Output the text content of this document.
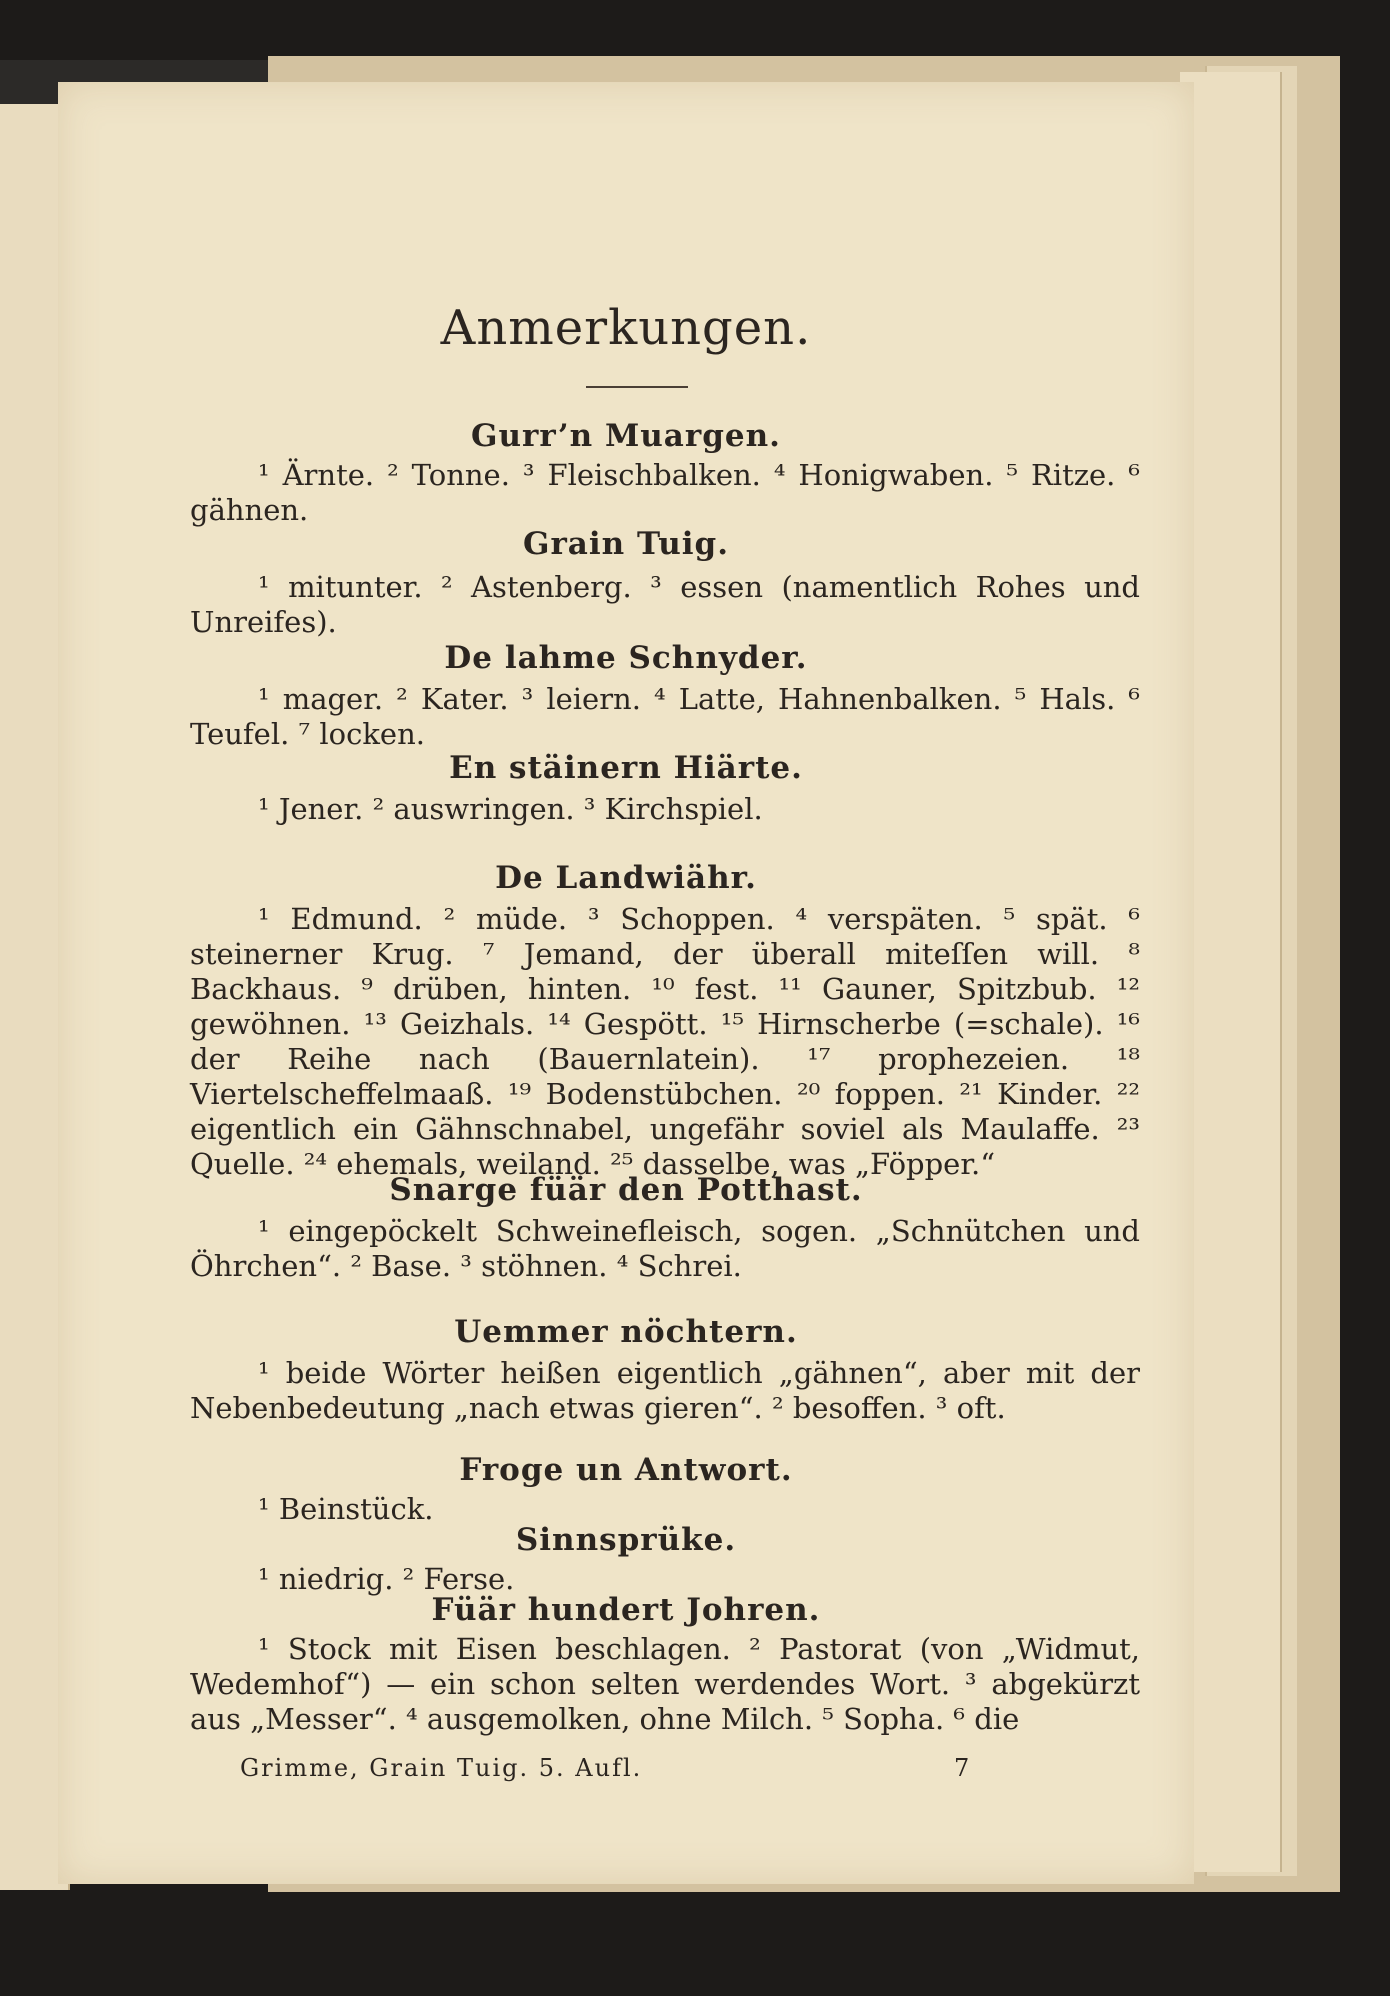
Anmerkungen.
Gurr’n Muargen.

¹ Ärnte. ² Tonne. ³ Fleischbalken. ⁴ Honigwaben. ⁵ Ritze. ⁶ gähnen.

Grain Tuig.

¹ mitunter. ² Astenberg. ³ essen (namentlich Rohes und Unreifes).

De lahme Schnyder.

¹ mager. ² Kater. ³ leiern. ⁴ Latte, Hahnenbalken. ⁵ Hals. ⁶ Teufel. ⁷ locken.

En stäinern Hiärte.

¹ Jener. ² auswringen. ³ Kirchspiel.

De Landwiähr.

¹ Edmund. ² müde. ³ Schoppen. ⁴ verspäten. ⁵ spät. ⁶ steinerner Krug. ⁷ Jemand, der überall miteſſen will. ⁸ Backhaus. ⁹ drüben, hinten. ¹⁰ fest. ¹¹ Gauner, Spitzbub. ¹² gewöhnen. ¹³ Geizhals. ¹⁴ Gespött. ¹⁵ Hirnscherbe (=schale). ¹⁶ der Reihe nach (Bauernlatein). ¹⁷ prophezeien. ¹⁸ Viertelscheffelmaaß. ¹⁹ Bodenstübchen. ²⁰ foppen. ²¹ Kinder. ²² eigentlich ein Gähnschnabel, ungefähr soviel als Maulaffe. ²³ Quelle. ²⁴ ehemals, weiland. ²⁵ dasselbe, was „Föpper.“

Snarge füär den Potthast.

¹ eingepöckelt Schweinefleisch, sogen. „Schnütchen und Öhrchen“. ² Base. ³ stöhnen. ⁴ Schrei.

Uemmer nöchtern.

¹ beide Wörter heißen eigentlich „gähnen“, aber mit der Nebenbedeutung „nach etwas gieren“. ² besoffen. ³ oft.

Froge un Antwort.

¹ Beinstück.

Sinnsprüke.

¹ niedrig. ² Ferse.

Füär hundert Johren.

¹ Stock mit Eisen beschlagen. ² Pastorat (von „Widmut, Wedemhof“) — ein schon selten werdendes Wort. ³ abgekürzt aus „Messer“. ⁴ ausgemolken, ohne Milch. ⁵ Sopha. ⁶ die

Grimme, Grain Tuig. 5. Aufl.	7
